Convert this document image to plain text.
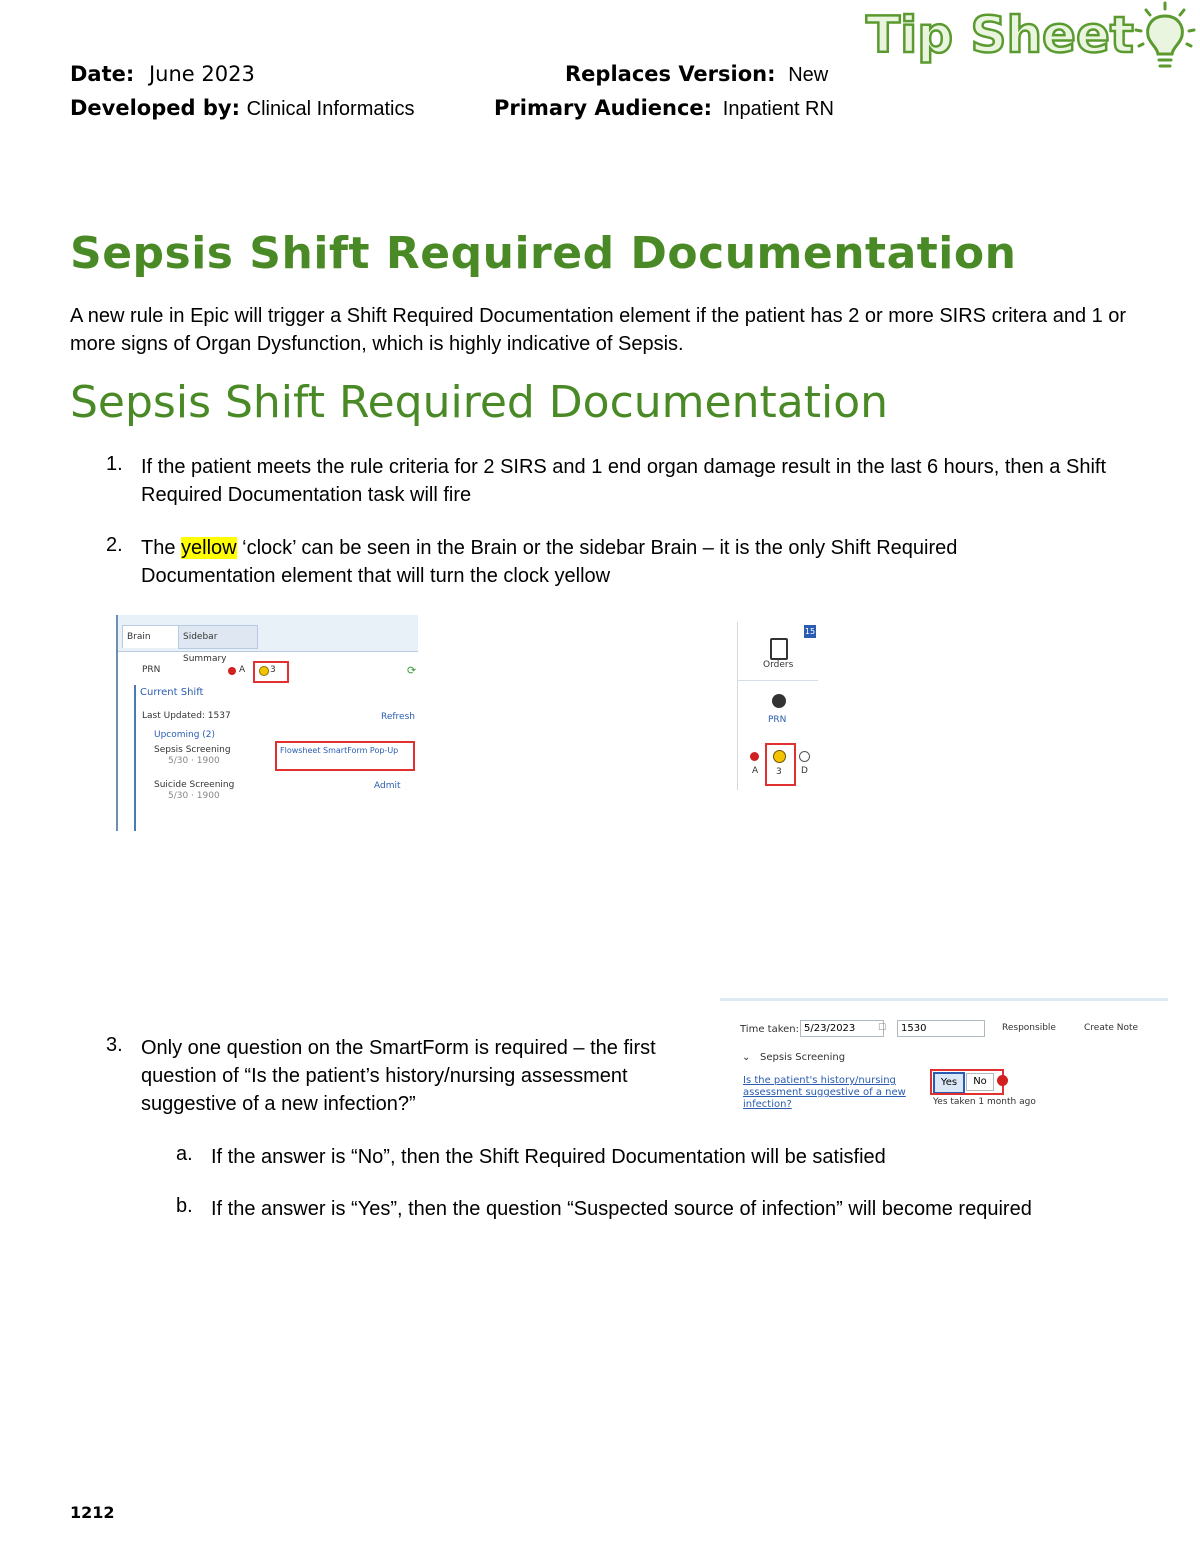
Date: June 2023
Developed by: Clinical Informatics
Replaces Version: New
Primary Audience: Inpatient RN
Tip Sheet
Sepsis Shift Required Documentation
A new rule in Epic will trigger a Shift Required Documentation element if the patient has 2 or more SIRS critera and 1 or more signs of Organ Dysfunction, which is highly indicative of Sepsis.
Sepsis Shift Required Documentation
1. If the patient meets the rule criteria for 2 SIRS and 1 end organ damage result in the last 6 hours, then a Shift Required Documentation task will fire
2. The yellow ‘clock’ can be seen in the Brain or the sidebar Brain – it is the only Shift Required Documentation element that will turn the clock yellow
Brain	Sidebar Summary
PRN	A	3	⟳
Current Shift
Last Updated: 1537	Refresh
Upcoming (2)
Sepsis Screening
5/30 · 1900
Flowsheet SmartForm Pop-Up
Suicide Screening
5/30 · 1900
Admit
15
Orders
PRN
A 3 D
3. Only one question on the SmartForm is required – the first question of “Is the patient’s history/nursing assessment suggestive of a new infection?”
Time taken: 5/23/2023	☐	1530	Responsible	Create Note
⌄ Sepsis Screening
Is the patient's history/nursing assessment suggestive of a new infection?
Yes	No
Yes taken 1 month ago
a. If the answer is “No”, then the Shift Required Documentation will be satisfied
b. If the answer is “Yes”, then the question “Suspected source of infection” will become required
1212
